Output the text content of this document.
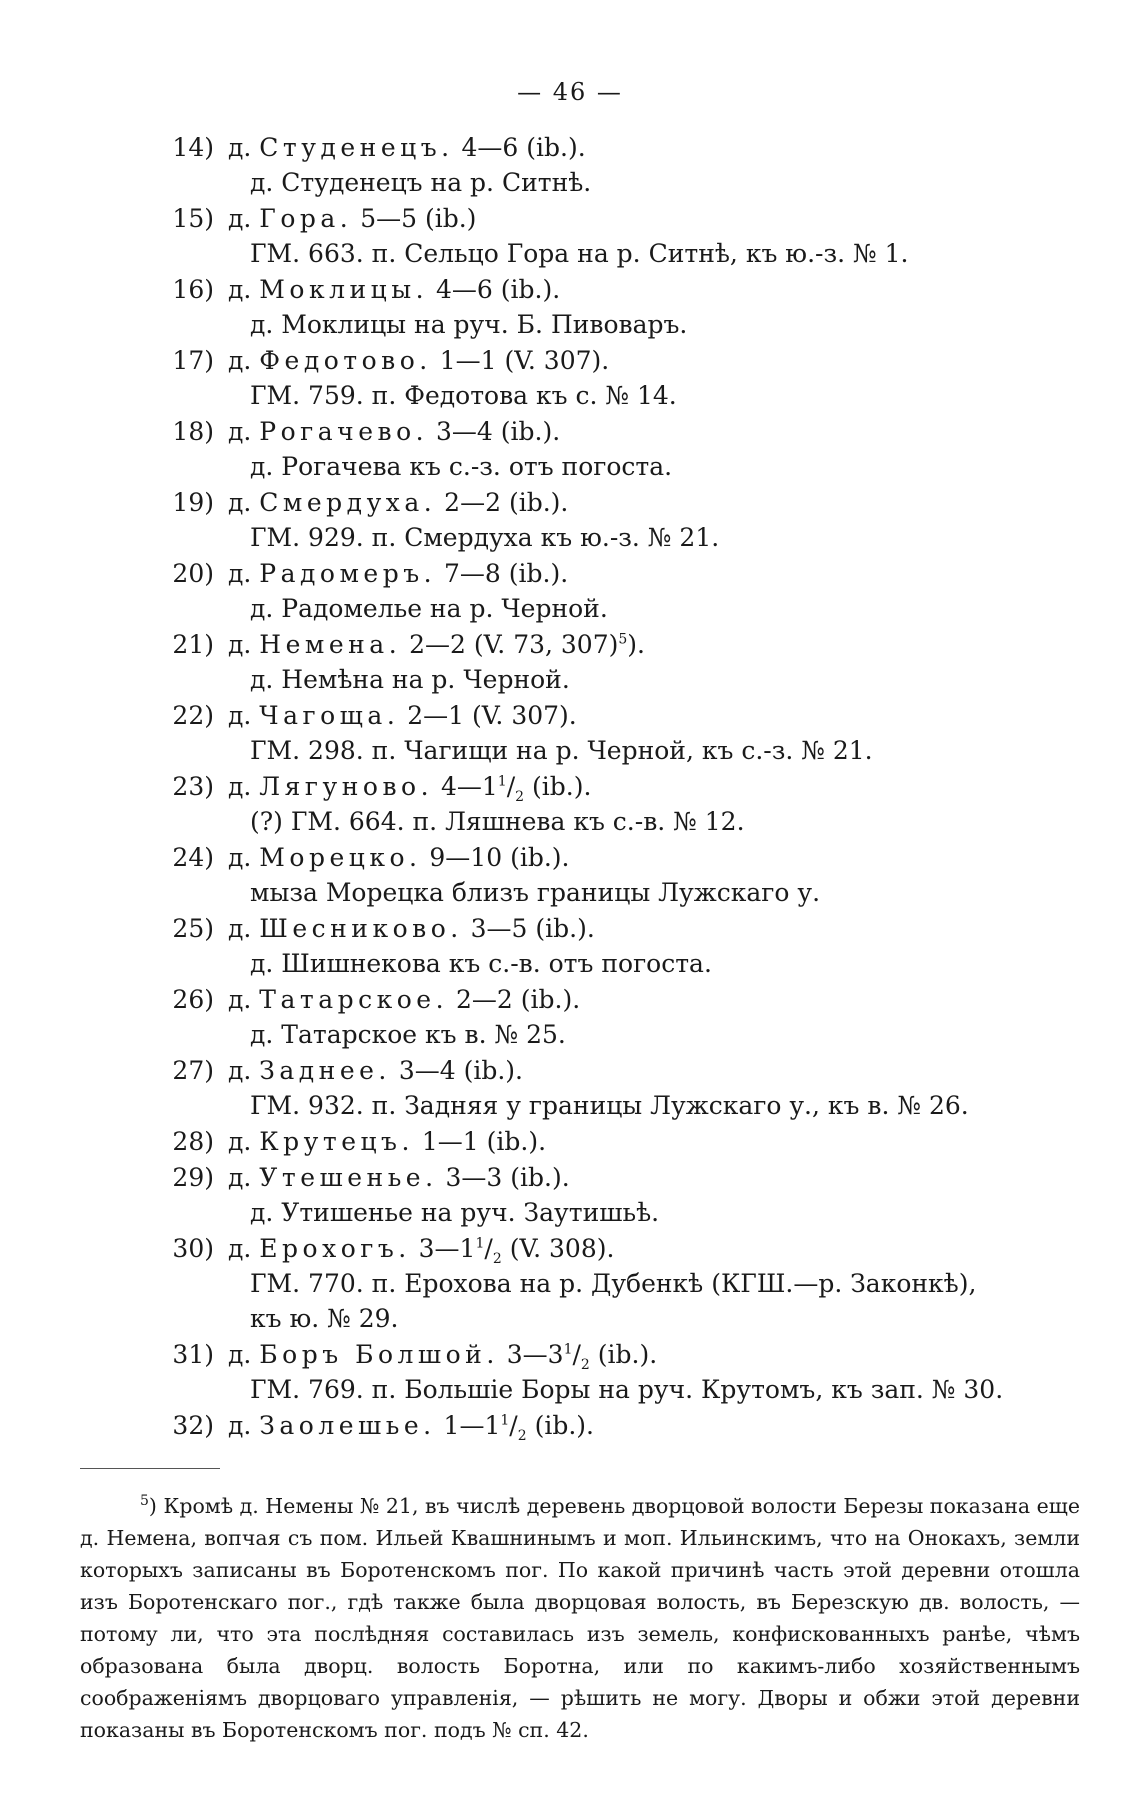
— 46 —
14) д. Студенецъ. 4—6 (ib.).
д. Студенецъ на р. Ситнѣ.
15) д. Гора. 5—5 (ib.)
ГМ. 663. п. Сельцо Гора на р. Ситнѣ, къ ю.-з. № 1.
16) д. Моклицы. 4—6 (ib.).
д. Моклицы на руч. Б. Пивоваръ.
17) д. Федотово. 1—1 (V. 307).
ГМ. 759. п. Федотова къ с. № 14.
18) д. Рогачево. 3—4 (ib.).
д. Рогачева къ с.-з. отъ погоста.
19) д. Смердуха. 2—2 (ib.).
ГМ. 929. п. Смердуха къ ю.-з. № 21.
20) д. Радомеръ. 7—8 (ib.).
д. Радомелье на р. Черной.
21) д. Немена. 2—2 (V. 73, 307)$^5$).
д. Немѣна на р. Черной.
22) д. Чагоща. 2—1 (V. 307).
ГМ. 298. п. Чагищи на р. Черной, къ с.-з. № 21.
23) д. Лягуново. $4—1^1/_2$ (ib.).
(?) ГМ. 664. п. Ляшнева къ с.-в. № 12.
24) д. Морецко. 9—10 (ib.).
мыза Морецка близъ границы Лужскаго у.
25) д. Шесниково. 3—5 (ib.).
д. Шишнекова къ с.-в. отъ погоста.
26) д. Татарское. 2—2 (ib.).
д. Татарское къ в. № 25.
27) д. Заднее. 3—4 (ib.).
ГМ. 932. п. Задняя у границы Лужскаго у., къ в. № 26.
28) д. Крутецъ. 1—1 (ib.).
29) д. Утешенье. 3—3 (ib.).
д. Утишенье на руч. Заутишьѣ.
30) д. Ерохогъ. $3—1^1/_2$ (V. 308).
ГМ. 770. п. Ерохова на р. Дубенкѣ (КГШ.—р. Законкѣ),
къ ю. № 29.
31) д. Боръ Болшой. $3—3^1/_2$ (ib.).
ГМ. 769. п. Большіе Боры на руч. Крутомъ, къ зап. № 30.
32) д. Заолешье. $1—1^1/_2$ (ib.).
$^5$) Кромѣ д. Немены № 21, въ числѣ деревень дворцовой волости Березы показана еще д. Немена, вопчая съ пом. Ильей Квашнинымъ и моп. Ильинскимъ, что на Онокахъ, земли которыхъ записаны въ Боротенскомъ пог. По какой причинѣ часть этой деревни отошла изъ Боротенскаго пог., гдѣ также была дворцовая волость, въ Березскую дв. волость, — потому ли, что эта послѣдняя составилась изъ земель, конфискованныхъ ранѣе, чѣмъ образована была дворц. волость Боротна, или по какимъ-либо хозяйственнымъ соображеніямъ дворцоваго управленія, — рѣшить не могу. Дворы и обжи этой деревни показаны въ Боротенскомъ пог. подъ № сп. 42.
